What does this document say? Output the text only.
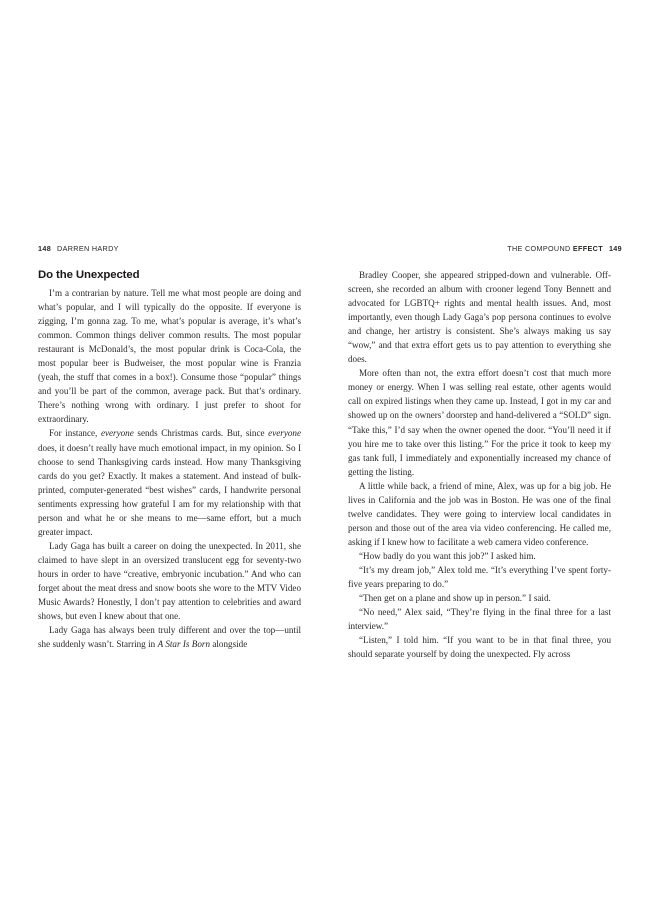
148 DARREN HARDY	THE COMPOUND EFFECT 149
Do the Unexpected

I’m a contrarian by nature. Tell me what most people are doing and what’s popular, and I will typically do the opposite. If everyone is zigging, I’m gonna zag. To me, what’s popular is average, it’s what’s common. Common things deliver common results. The most popular restaurant is McDonald’s, the most popular drink is Coca-Cola, the most popular beer is Budweiser, the most popular wine is Franzia (yeah, the stuff that comes in a box!). Consume those “popular” things and you’ll be part of the common, average pack. But that’s ordinary. There’s nothing wrong with ordinary. I just prefer to shoot for extraordinary.

For instance, everyone sends Christmas cards. But, since everyone does, it doesn’t really have much emotional impact, in my opinion. So I choose to send Thanksgiving cards instead. How many Thanksgiving cards do you get? Exactly. It makes a statement. And instead of bulk-printed, computer-generated “best wishes” cards, I handwrite personal sentiments expressing how grateful I am for my relationship with that person and what he or she means to me—same effort, but a much greater impact.

Lady Gaga has built a career on doing the unexpected. In 2011, she claimed to have slept in an oversized translucent egg for seventy-two hours in order to have “creative, embryonic incubation.” And who can forget about the meat dress and snow boots she wore to the MTV Video Music Awards? Honestly, I don’t pay attention to celebrities and award shows, but even I knew about that one.

Lady Gaga has always been truly different and over the top—until she suddenly wasn’t. Starring in A Star Is Born alongside

Bradley Cooper, she appeared stripped-down and vulnerable. Off-screen, she recorded an album with crooner legend Tony Bennett and advocated for LGBTQ+ rights and mental health issues. And, most importantly, even though Lady Gaga’s pop persona continues to evolve and change, her artistry is consistent. She’s always making us say “wow,” and that extra effort gets us to pay attention to everything she does.

More often than not, the extra effort doesn’t cost that much more money or energy. When I was selling real estate, other agents would call on expired listings when they came up. Instead, I got in my car and showed up on the owners’ doorstep and hand-delivered a “SOLD” sign. “Take this,” I’d say when the owner opened the door. “You’ll need it if you hire me to take over this listing.” For the price it took to keep my gas tank full, I immediately and exponentially increased my chance of getting the listing.

A little while back, a friend of mine, Alex, was up for a big job. He lives in California and the job was in Boston. He was one of the final twelve candidates. They were going to interview local candidates in person and those out of the area via video conferencing. He called me, asking if I knew how to facilitate a web camera video conference.

“How badly do you want this job?” I asked him.

“It’s my dream job,” Alex told me. “It’s everything I’ve spent forty-five years preparing to do.”

“Then get on a plane and show up in person.” I said.

“No need,” Alex said, “They’re flying in the final three for a last interview.”

“Listen,” I told him. “If you want to be in that final three, you should separate yourself by doing the unexpected. Fly across
